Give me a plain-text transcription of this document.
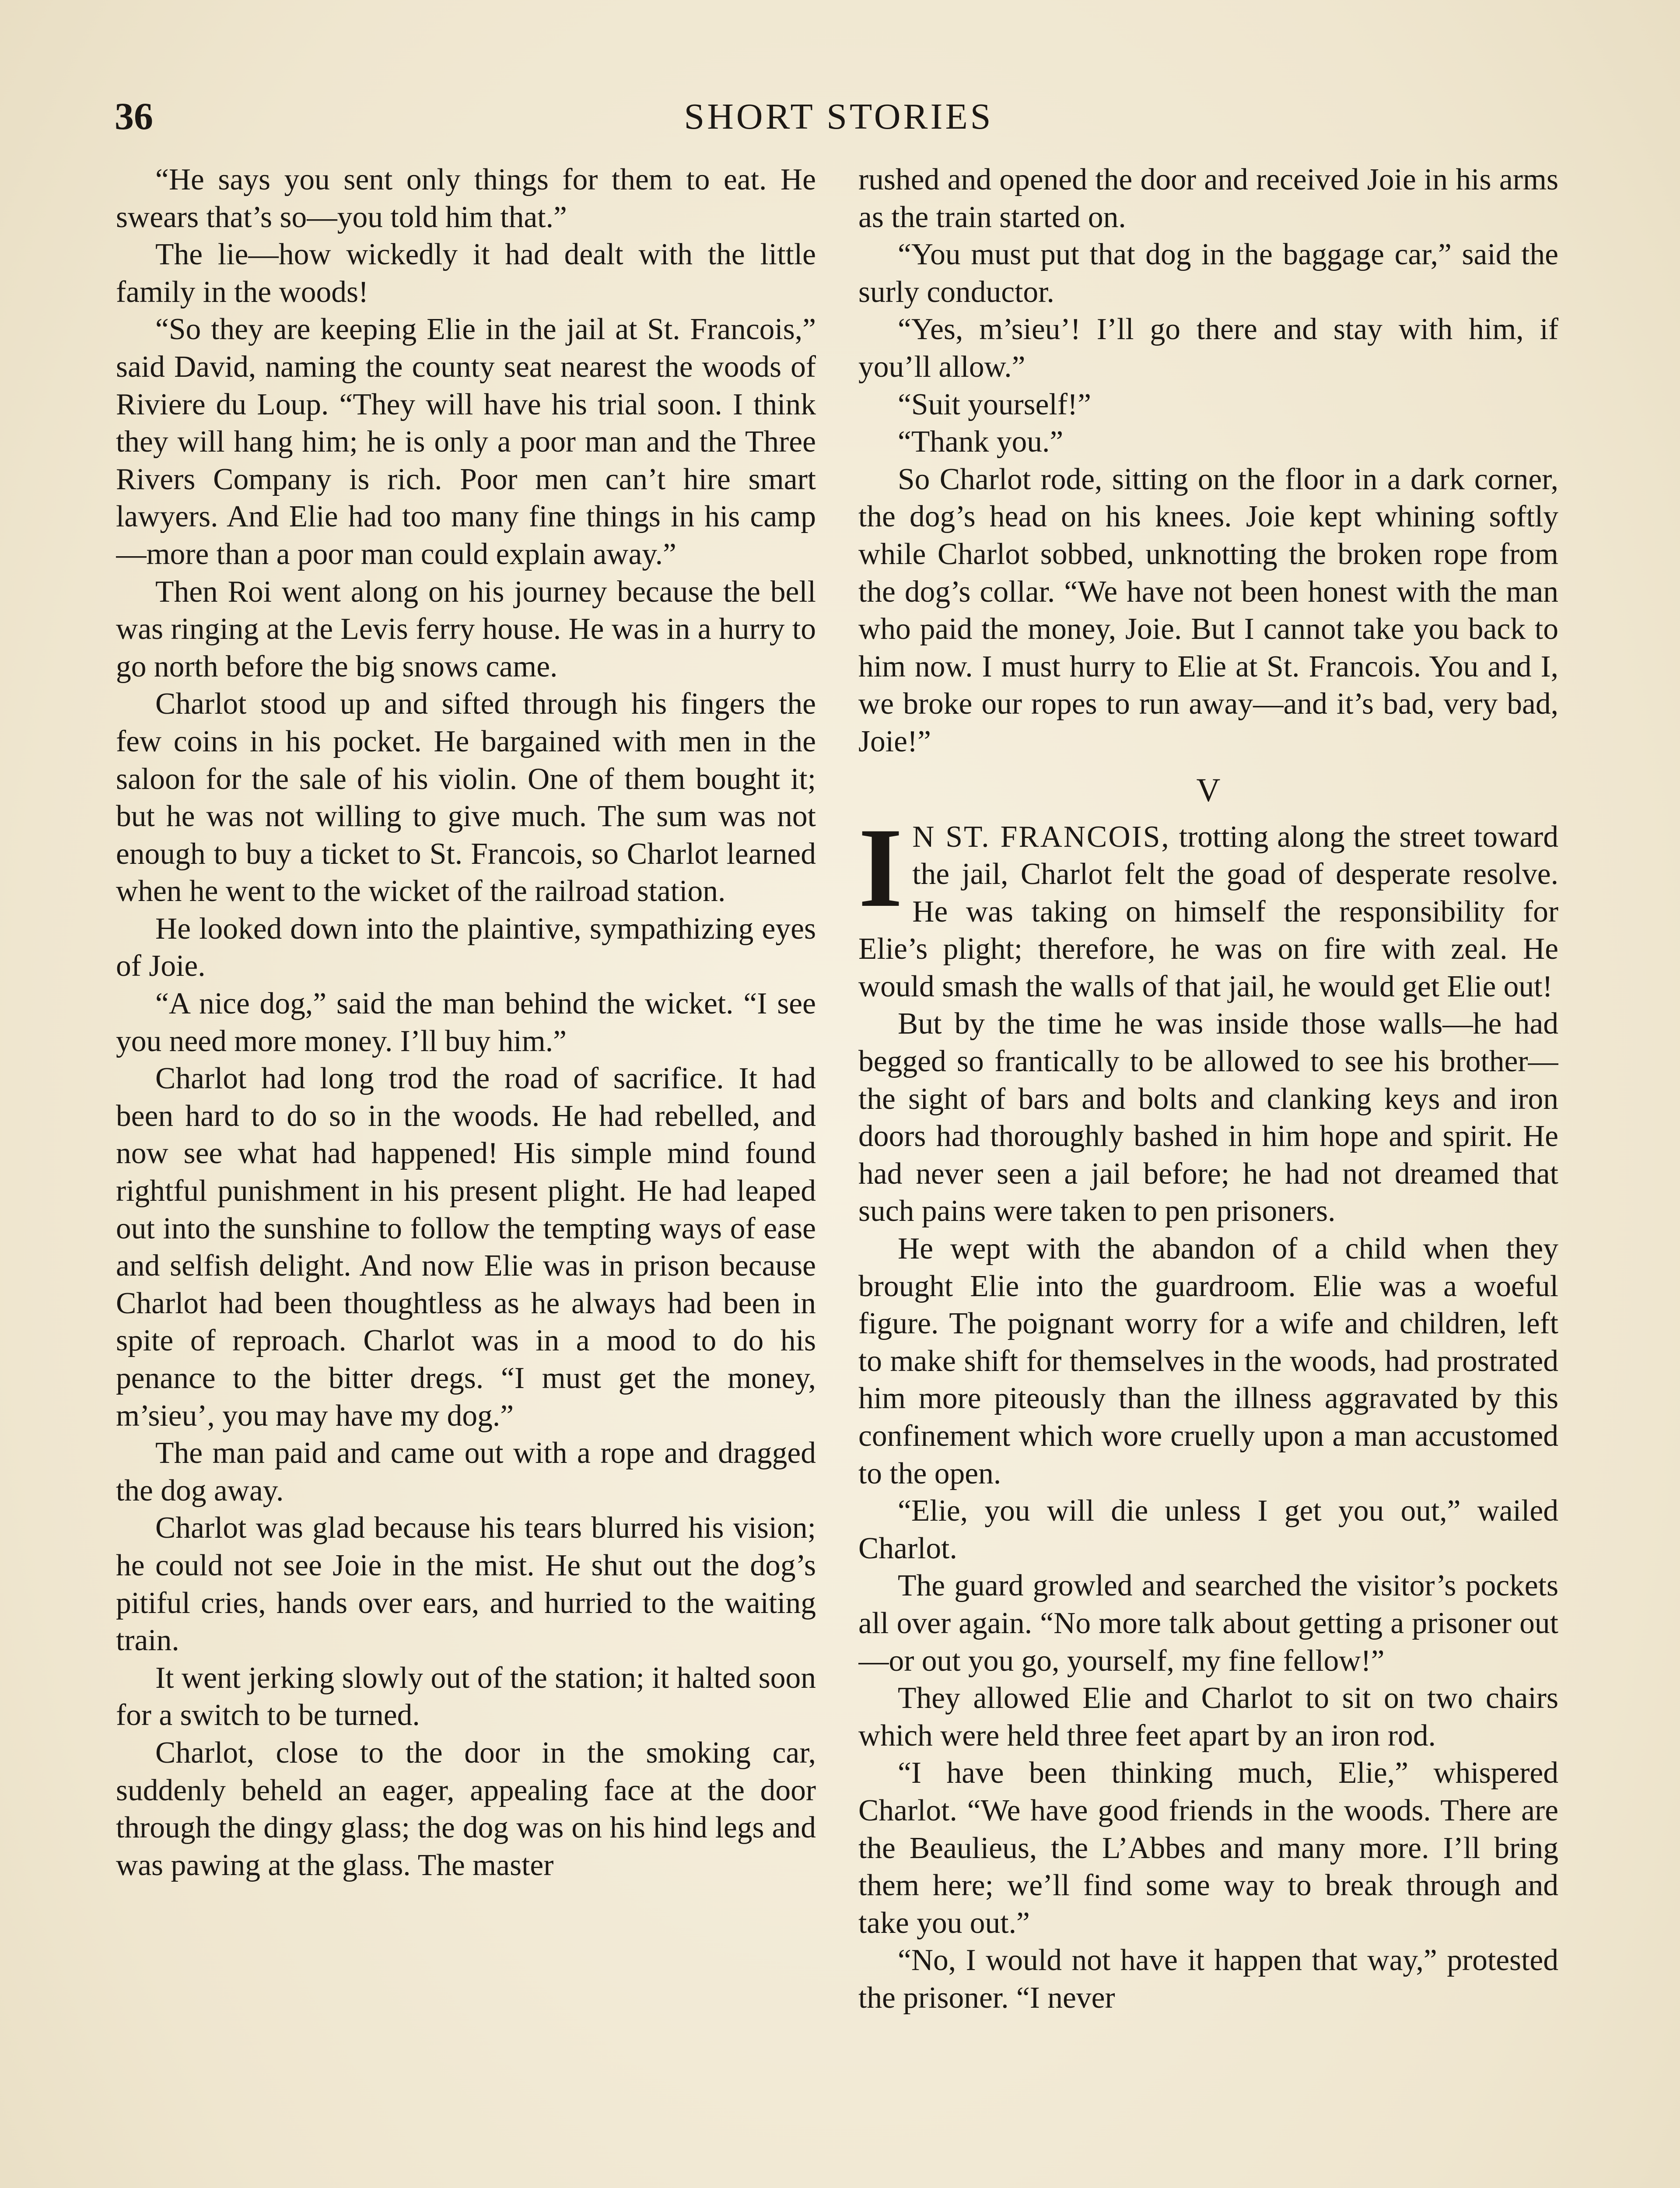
36	SHORT STORIES

“He says you sent only things for them to eat. He swears that’s so—you told him that.”

The lie—how wickedly it had dealt with the little family in the woods!

“So they are keeping Elie in the jail at St. Francois,” said David, naming the county seat nearest the woods of Riviere du Loup. “They will have his trial soon. I think they will hang him; he is only a poor man and the Three Rivers Company is rich. Poor men can’t hire smart lawyers. And Elie had too many fine things in his camp—more than a poor man could explain away.”

Then Roi went along on his journey because the bell was ringing at the Levis ferry house. He was in a hurry to go north before the big snows came.

Charlot stood up and sifted through his fingers the few coins in his pocket. He bargained with men in the saloon for the sale of his violin. One of them bought it; but he was not willing to give much. The sum was not enough to buy a ticket to St. Francois, so Charlot learned when he went to the wicket of the railroad station.

He looked down into the plaintive, sympathizing eyes of Joie.

“A nice dog,” said the man behind the wicket. “I see you need more money. I’ll buy him.”

Charlot had long trod the road of sacrifice. It had been hard to do so in the woods. He had rebelled, and now see what had happened! His simple mind found rightful punishment in his present plight. He had leaped out into the sunshine to follow the tempting ways of ease and selfish delight. And now Elie was in prison because Charlot had been thoughtless as he always had been in spite of reproach. Charlot was in a mood to do his penance to the bitter dregs. “I must get the money, m’sieu’, you may have my dog.”

The man paid and came out with a rope and dragged the dog away.

Charlot was glad because his tears blurred his vision; he could not see Joie in the mist. He shut out the dog’s pitiful cries, hands over ears, and hurried to the waiting train.

It went jerking slowly out of the station; it halted soon for a switch to be turned.

Charlot, close to the door in the smoking car, suddenly beheld an eager, appealing face at the door through the dingy glass; the dog was on his hind legs and was pawing at the glass. The master

rushed and opened the door and received Joie in his arms as the train started on.

“You must put that dog in the baggage car,” said the surly conductor.

“Yes, m’sieu’! I’ll go there and stay with him, if you’ll allow.”

“Suit yourself!”

“Thank you.”

So Charlot rode, sitting on the floor in a dark corner, the dog’s head on his knees. Joie kept whining softly while Charlot sobbed, unknotting the broken rope from the dog’s collar. “We have not been honest with the man who paid the money, Joie. But I cannot take you back to him now. I must hurry to Elie at St. Francois. You and I, we broke our ropes to run away—and it’s bad, very bad, Joie!”

V

I N ST. FRANCOIS, trotting along the street toward the jail, Charlot felt the goad of desperate resolve. He was taking on himself the responsibility for Elie’s plight; therefore, he was on fire with zeal. He would smash the walls of that jail, he would get Elie out!

But by the time he was inside those walls—he had begged so frantically to be allowed to see his brother—the sight of bars and bolts and clanking keys and iron doors had thoroughly bashed in him hope and spirit. He had never seen a jail before; he had not dreamed that such pains were taken to pen prisoners.

He wept with the abandon of a child when they brought Elie into the guardroom. Elie was a woeful figure. The poignant worry for a wife and children, left to make shift for themselves in the woods, had prostrated him more piteously than the illness aggravated by this confinement which wore cruelly upon a man accustomed to the open.

“Elie, you will die unless I get you out,” wailed Charlot.

The guard growled and searched the visitor’s pockets all over again. “No more talk about getting a prisoner out—or out you go, yourself, my fine fellow!”

They allowed Elie and Charlot to sit on two chairs which were held three feet apart by an iron rod.

“I have been thinking much, Elie,” whispered Charlot. “We have good friends in the woods. There are the Beaulieus, the L’Abbes and many more. I’ll bring them here; we’ll find some way to break through and take you out.”

“No, I would not have it happen that way,” protested the prisoner. “I never
